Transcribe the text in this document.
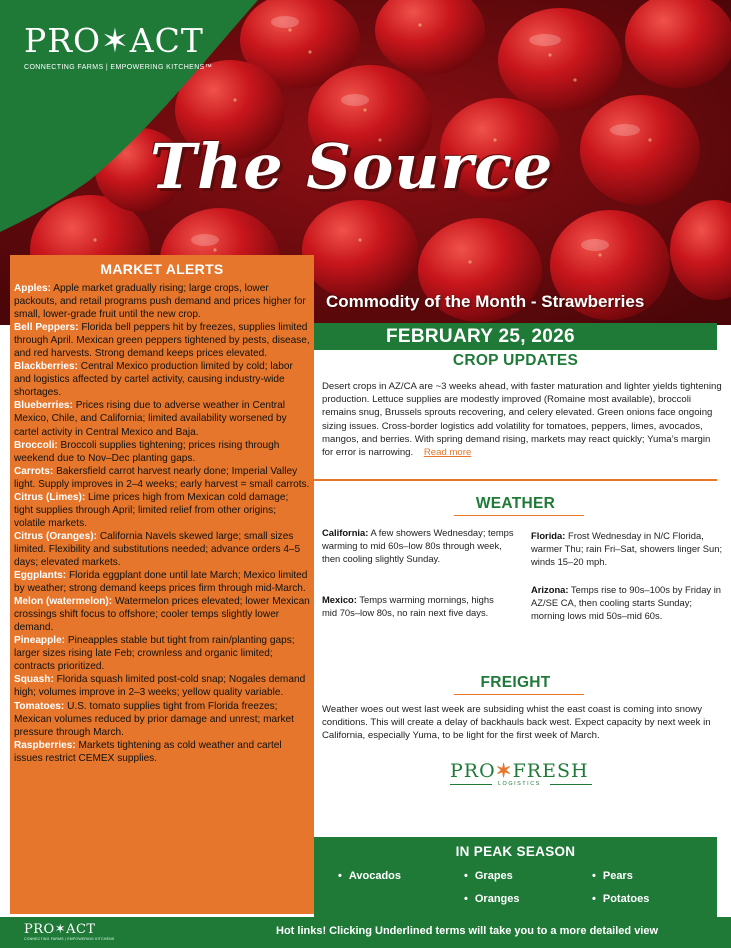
PRO✶ACT
CONNECTING FARMS | EMPOWERING KITCHENS™
The Source
Commodity of the Month - Strawberries
MARKET ALERTS
Apples: Apple market gradually rising; large crops, lower packouts, and retail programs push demand and prices higher for small, lower-grade fruit until the new crop.
Bell Peppers: Florida bell peppers hit by freezes, supplies limited through April. Mexican green peppers tightened by pests, disease, and red harvests. Strong demand keeps prices elevated.
Blackberries: Central Mexico production limited by cold; labor and logistics affected by cartel activity, causing industry-wide shortages.
Blueberries: Prices rising due to adverse weather in Central Mexico, Chile, and California; limited availability worsened by cartel activity in Central Mexico and Baja.
Broccoli: Broccoli supplies tightening; prices rising through weekend due to Nov–Dec planting gaps.
Carrots: Bakersfield carrot harvest nearly done; Imperial Valley light. Supply improves in 2–4 weeks; early harvest = small carrots.
Citrus (Limes): Lime prices high from Mexican cold damage; tight supplies through April; limited relief from other origins; volatile markets.
Citrus (Oranges): California Navels skewed large; small sizes limited. Flexibility and substitutions needed; advance orders 4–5 days; elevated markets.
Eggplants: Florida eggplant done until late March; Mexico limited by weather; strong demand keeps prices firm through mid-March.
Melon (watermelon): Watermelon prices elevated; lower Mexican crossings shift focus to offshore; cooler temps slightly lower demand.
Pineapple: Pineapples stable but tight from rain/planting gaps; larger sizes rising late Feb; crownless and organic limited; contracts prioritized.
Squash: Florida squash limited post-cold snap; Nogales demand high; volumes improve in 2–3 weeks; yellow quality variable.
Tomatoes: U.S. tomato supplies tight from Florida freezes; Mexican volumes reduced by prior damage and unrest; market pressure through March.
Raspberries: Markets tightening as cold weather and cartel issues restrict CEMEX supplies.
FEBRUARY 25, 2026
CROP UPDATES
Desert crops in AZ/CA are ~3 weeks ahead, with faster maturation and lighter yields tightening production. Lettuce supplies are modestly improved (Romaine most available), broccoli remains snug, Brussels sprouts recovering, and celery elevated. Green onions face ongoing sizing issues. Cross-border logistics add volatility for tomatoes, peppers, limes, avocados, mangos, and berries. With spring demand rising, markets may react quickly; Yuma’s margin for error is narrowing. Read more
WEATHER
California: A few showers Wednesday; temps warming to mid 60s–low 80s through week, then cooling slightly Sunday.
Mexico: Temps warming mornings, highs mid 70s–low 80s, no rain next five days.
Florida: Frost Wednesday in N/C Florida, warmer Thu; rain Fri–Sat, showers linger Sun; winds 15–20 mph.
Arizona: Temps rise to 90s–100s by Friday in AZ/SE CA, then cooling starts Sunday; morning lows mid 50s–mid 60s.
FREIGHT
Weather woes out west last week are subsiding whist the east coast is coming into snowy conditions. This will create a delay of backhauls back west. Expect capacity by next week in California, especially Yuma, to be light for the first week of March.
PRO✶FRESH
LOGISTICS
IN PEAK SEASON
• Avocados	• Grapes	• Pears
• Oranges	• Potatoes
PRO✶ACT
CONNECTING FARMS | EMPOWERING KITCHENS
Hot links! Clicking Underlined terms will take you to a more detailed view
